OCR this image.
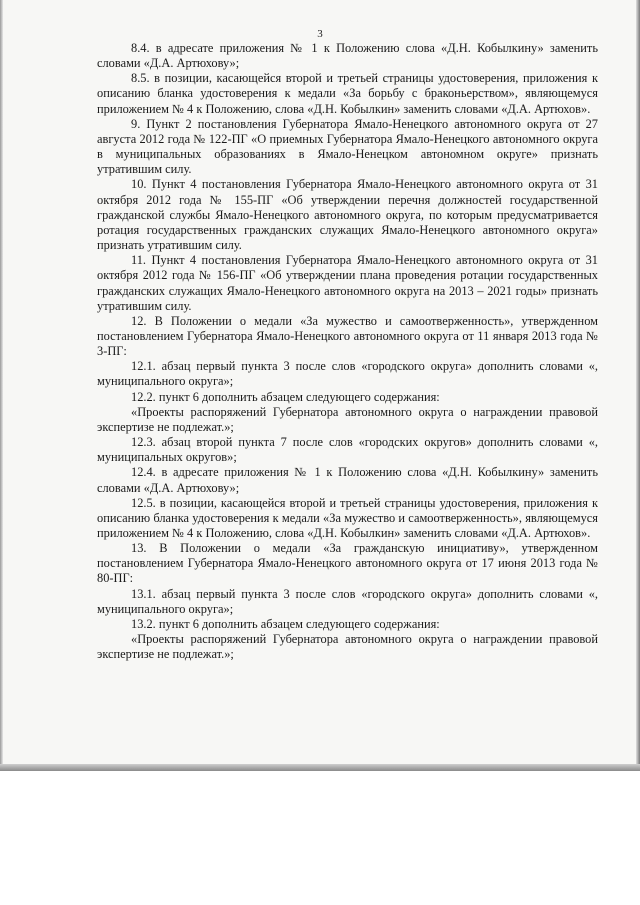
3

8.4. в адресате приложения № 1 к Положению слова «Д.Н. Кобылкину» заменить словами «Д.А. Артюхову»;

8.5. в позиции, касающейся второй и третьей страницы удостоверения, приложения к описанию бланка удостоверения к медали «За борьбу с браконьерством», являющемуся приложением № 4 к Положению, слова «Д.Н. Кобылкин» заменить словами «Д.А. Артюхов».

9. Пункт 2 постановления Губернатора Ямало-Ненецкого автономного округа от 27 августа 2012 года № 122-ПГ «О приемных Губернатора Ямало-Ненецкого автономного округа в муниципальных образованиях в Ямало-Ненецком автономном округе» признать утратившим силу.

10. Пункт 4 постановления Губернатора Ямало-Ненецкого автономного округа от 31 октября 2012 года № 155-ПГ «Об утверждении перечня должностей государственной гражданской службы Ямало-Ненецкого автономного округа, по которым предусматривается ротация государственных гражданских служащих Ямало-Ненецкого автономного округа» признать утратившим силу.

11. Пункт 4 постановления Губернатора Ямало-Ненецкого автономного округа от 31 октября 2012 года № 156-ПГ «Об утверждении плана проведения ротации государственных гражданских служащих Ямало-Ненецкого автономного округа на 2013 – 2021 годы» признать утратившим силу.

12. В Положении о медали «За мужество и самоотверженность», утвержденном постановлением Губернатора Ямало-Ненецкого автономного округа от 11 января 2013 года № 3-ПГ:

12.1. абзац первый пункта 3 после слов «городского округа» дополнить словами «, муниципального округа»;

12.2. пункт 6 дополнить абзацем следующего содержания:

«Проекты распоряжений Губернатора автономного округа о награждении правовой экспертизе не подлежат.»;

12.3. абзац второй пункта 7 после слов «городских округов» дополнить словами «, муниципальных округов»;

12.4. в адресате приложения № 1 к Положению слова «Д.Н. Кобылкину» заменить словами «Д.А. Артюхову»;

12.5. в позиции, касающейся второй и третьей страницы удостоверения, приложения к описанию бланка удостоверения к медали «За мужество и самоотверженность», являющемуся приложением № 4 к Положению, слова «Д.Н. Кобылкин» заменить словами «Д.А. Артюхов».

13. В Положении о медали «За гражданскую инициативу», утвержденном постановлением Губернатора Ямало-Ненецкого автономного округа от 17 июня 2013 года № 80-ПГ:

13.1. абзац первый пункта 3 после слов «городского округа» дополнить словами «, муниципального округа»;

13.2. пункт 6 дополнить абзацем следующего содержания:

«Проекты распоряжений Губернатора автономного округа о награждении правовой экспертизе не подлежат.»;
